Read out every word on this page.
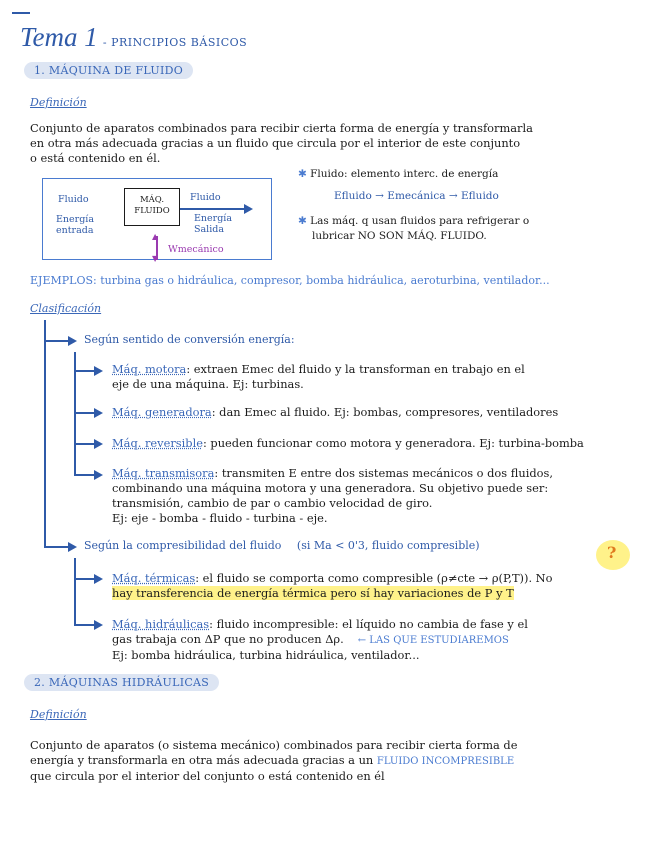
Tema 1 - PRINCIPIOS BÁSICOS
1. MÁQUINA DE FLUIDO
Definición
Conjunto de aparatos combinados para recibir cierta forma de energía y transformarla
en otra más adecuada gracias a un fluido que circula por el interior de este conjunto
o está contenido en él.
Fluido
Energía
entrada
MÁQ.
FLUIDO
Fluido
Energía
Salida
▲
▼
Wmecánico
✱ Fluido: elemento interc. de energía
Efluido → Emecánica → Efluido
✱ Las máq. q usan fluidos para refrigerar o
lubricar NO SON MÁQ. FLUIDO.
EJEMPLOS: turbina gas o hidráulica, compresor, bomba hidráulica, aeroturbina, ventilador...
Clasificación
Según sentido de conversión energía:
Máq. motora: extraen Emec del fluido y la transforman en trabajo en el
eje de una máquina. Ej: turbinas.
Máq. generadora: dan Emec al fluido. Ej: bombas, compresores, ventiladores
Máq. reversible: pueden funcionar como motora y generadora. Ej: turbina-bomba
Máq. transmisora: transmiten E entre dos sistemas mecánicos o dos fluidos,
combinando una máquina motora y una generadora. Su objetivo puede ser:
transmisión, cambio de par o cambio velocidad de giro.
Ej: eje - bomba - fluido - turbina - eje.
Según la compresibilidad del fluido (si Ma < 0'3, fluido compresible)	?
Máq. térmicas: el fluido se comporta como compresible (ρ≠cte → ρ(P,T)). No
hay transferencia de energía térmica pero sí hay variaciones de P y T
Máq. hidráulicas: fluido incompresible: el líquido no cambia de fase y el
gas trabaja con ΔP que no producen Δρ. ← LAS QUE ESTUDIAREMOS
Ej: bomba hidráulica, turbina hidráulica, ventilador...
2. MÁQUINAS HIDRÁULICAS
Definición
Conjunto de aparatos (o sistema mecánico) combinados para recibir cierta forma de
energía y transformarla en otra más adecuada gracias a un FLUIDO INCOMPRESIBLE
que circula por el interior del conjunto o está contenido en él
